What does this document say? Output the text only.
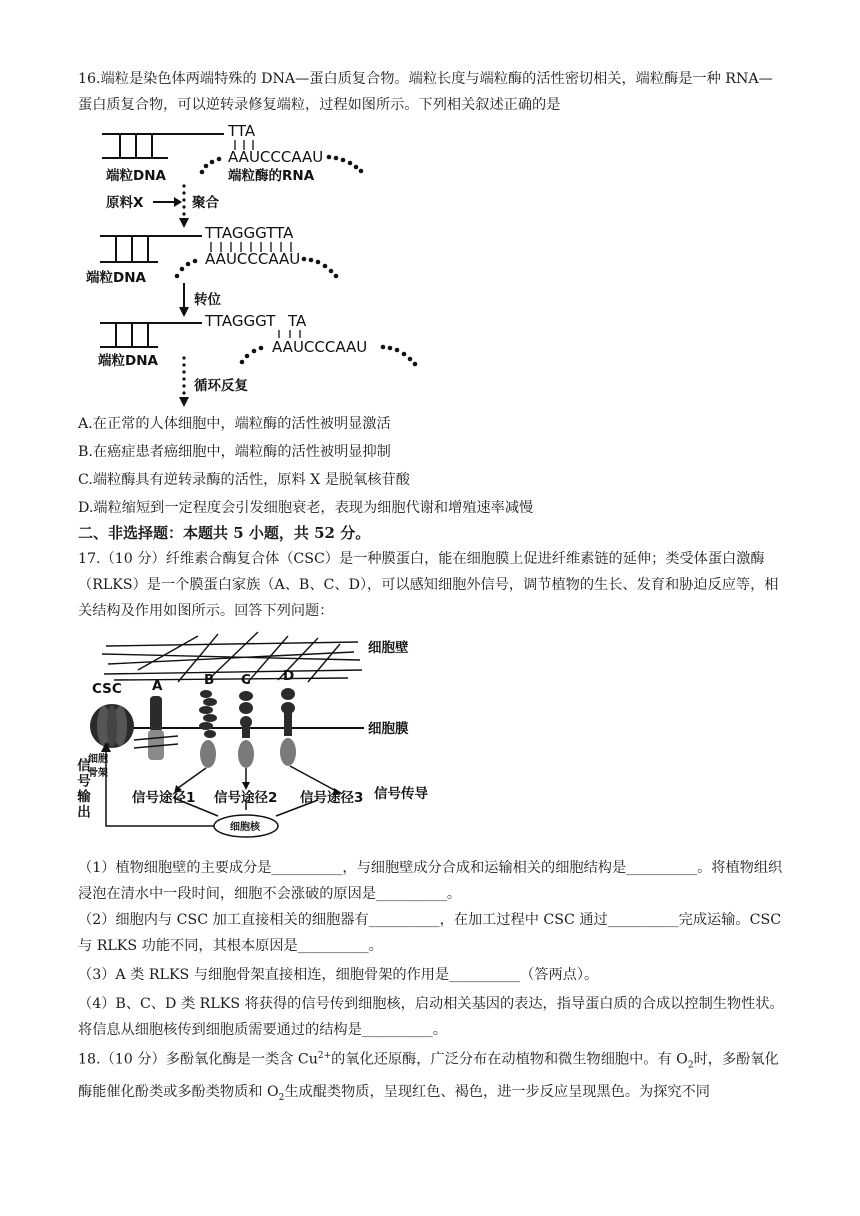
16.端粒是染色体两端特殊的 DNA—蛋白质复合物。端粒长度与端粒酶的活性密切相关，端粒酶是一种 RNA—蛋白质复合物，可以逆转录修复端粒，过程如图所示。下列相关叙述正确的是
TTA
AAUCCCAAU
端粒DNA	端粒酶的RNA
原料X	聚合
TTAGGGTTA
AAUCCCAAU
端粒DNA
转位
TTAGGGT TA
AAUCCCAAU
端粒DNA
循环反复
A.在正常的人体细胞中，端粒酶的活性被明显激活
B.在癌症患者癌细胞中，端粒酶的活性被明显抑制
C.端粒酶具有逆转录酶的活性，原料 X 是脱氧核苷酸
D.端粒缩短到一定程度会引发细胞衰老，表现为细胞代谢和增殖速率减慢
二、非选择题：本题共 5 小题，共 52 分。
17.（10 分）纤维素合酶复合体（CSC）是一种膜蛋白，能在细胞膜上促进纤维素链的延伸；类受体蛋白激酶（RLKS）是一个膜蛋白家族（A、B、C、D），可以感知细胞外信号，调节植物的生长、发育和胁迫反应等，相关结构及作用如图所示。回答下列问题：
细胞壁
细胞膜
CSC A
细胞
骨架
B C D
信号途径1 信号途径2 信号途径3 信号传导
细胞核
信号输出
（1）植物细胞壁的主要成分是__________，与细胞壁成分合成和运输相关的细胞结构是__________。将植物组织浸泡在清水中一段时间，细胞不会涨破的原因是__________。
（2）细胞内与 CSC 加工直接相关的细胞器有__________，在加工过程中 CSC 通过__________完成运输。CSC 与 RLKS 功能不同，其根本原因是__________。
（3）A 类 RLKS 与细胞骨架直接相连，细胞骨架的作用是__________（答两点）。
（4）B、C、D 类 RLKS 将获得的信号传到细胞核，启动相关基因的表达，指导蛋白质的合成以控制生物性状。将信息从细胞核传到细胞质需要通过的结构是__________。
18.（10 分）多酚氧化酶是一类含 $Cu^{2+}$的氧化还原酶，广泛分布在动植物和微生物细胞中。有 $O_2$时，多酚氧化酶能催化酚类或多酚类物质和 $O_2$生成醌类物质，呈现红色、褐色，进一步反应呈现黑色。为探究不同
